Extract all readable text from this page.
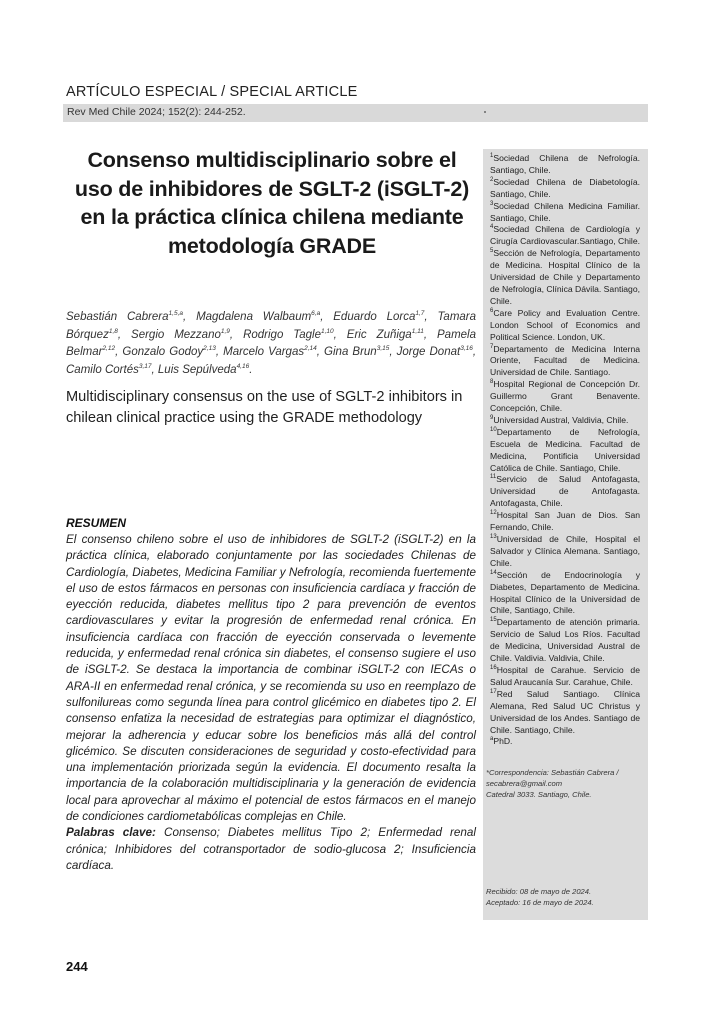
ARTÍCULO ESPECIAL / SPECIAL ARTICLE
Rev Med Chile 2024; 152(2): 244-252.
Consenso multidisciplinario sobre el uso de inhibidores de SGLT-2 (iSGLT-2) en la práctica clínica chilena mediante metodología GRADE
Sebastián Cabrera$^{1,5,a}$, Magdalena Walbaum$^{6,a}$, Eduardo Lorca$^{1,7}$, Tamara Bórquez$^{1,8}$, Sergio Mezzano$^{1,9}$, Rodrigo Tagle$^{1,10}$, Eric Zuñiga$^{1,11}$, Pamela Belmar$^{2,12}$, Gonzalo Godoy$^{2,13}$, Marcelo Vargas$^{2,14}$, Gina Brun$^{3,15}$, Jorge Donat$^{3,16}$, Camilo Cortés$^{3,17}$, Luis Sepúlveda$^{4,16}$.
Multidisciplinary consensus on the use of SGLT-2 inhibitors in chilean clinical practice using the GRADE methodology
RESUMEN
El consenso chileno sobre el uso de inhibidores de SGLT-2 (iSGLT-2) en la práctica clínica, elaborado conjuntamente por las sociedades Chilenas de Cardiología, Diabetes, Medicina Familiar y Nefrología, recomienda fuertemente el uso de estos fármacos en personas con insuficiencia cardíaca y fracción de eyección reducida, diabetes mellitus tipo 2 para prevención de eventos cardiovasculares y evitar la progresión de enfermedad renal crónica. En insuficiencia cardíaca con fracción de eyección conservada o levemente reducida, y enfermedad renal crónica sin diabetes, el consenso sugiere el uso de iSGLT-2. Se destaca la importancia de combinar iSGLT-2 con IECAs o ARA-II en enfermedad renal crónica, y se recomienda su uso en reemplazo de sulfonilureas como segunda línea para control glicémico en diabetes tipo 2. El consenso enfatiza la necesidad de estrategias para optimizar el diagnóstico, mejorar la adherencia y educar sobre los beneficios más allá del control glicémico. Se discuten consideraciones de seguridad y costo-efectividad para una implementación priorizada según la evidencia. El documento resalta la importancia de la colaboración multidisciplinaria y la generación de evidencia local para aprovechar al máximo el potencial de estos fármacos en el manejo de condiciones cardiometabólicas complejas en Chile.
Palabras clave: Consenso; Diabetes mellitus Tipo 2; Enfermedad renal crónica; Inhibidores del cotransportador de sodio-glucosa 2; Insuficiencia cardíaca.
$^1$Sociedad Chilena de Nefrología. Santiago, Chile.
$^2$Sociedad Chilena de Diabetología. Santiago, Chile.
$^3$Sociedad Chilena Medicina Familiar. Santiago, Chile.
$^4$Sociedad Chilena de Cardiología y Cirugía Cardiovascular.Santiago, Chile.
$^5$Sección de Nefrología, Departamento de Medicina. Hospital Clínico de la Universidad de Chile y Departamento de Nefrología, Clínica Dávila. Santiago, Chile.
$^6$Care Policy and Evaluation Centre. London School of Economics and Political Science. London, UK.
$^7$Departamento de Medicina Interna Oriente, Facultad de Medicina. Universidad de Chile. Santiago.
$^8$Hospital Regional de Concepción Dr. Guillermo Grant Benavente. Concepción, Chile.
$^9$Universidad Austral, Valdivia, Chile.
$^{10}$Departamento de Nefrología, Escuela de Medicina. Facultad de Medicina, Pontificia Universidad Católica de Chile. Santiago, Chile.
$^{11}$Servicio de Salud Antofagasta, Universidad de Antofagasta. Antofagasta, Chile.
$^{12}$Hospital San Juan de Dios. San Fernando, Chile.
$^{13}$Universidad de Chile, Hospital el Salvador y Clínica Alemana. Santiago, Chile.
$^{14}$Sección de Endocrinología y Diabetes, Departamento de Medicina. Hospital Clínico de la Universidad de Chile, Santiago, Chile.
$^{15}$Departamento de atención primaria. Servicio de Salud Los Ríos. Facultad de Medicina, Universidad Austral de Chile. Valdivia. Valdivia, Chile.
$^{16}$Hospital de Carahue. Servicio de Salud Araucanía Sur. Carahue, Chile.
$^{17}$Red Salud Santiago. Clínica Alemana, Red Salud UC Christus y Universidad de los Andes. Santiago de Chile. Santiago, Chile.
$^a$PhD.
*Correspondencia: Sebastián Cabrera / secabrera@gmail.com
Catedral 3033. Santiago, Chile.
Recibido: 08 de mayo de 2024.
Aceptado: 16 de mayo de 2024.
244
